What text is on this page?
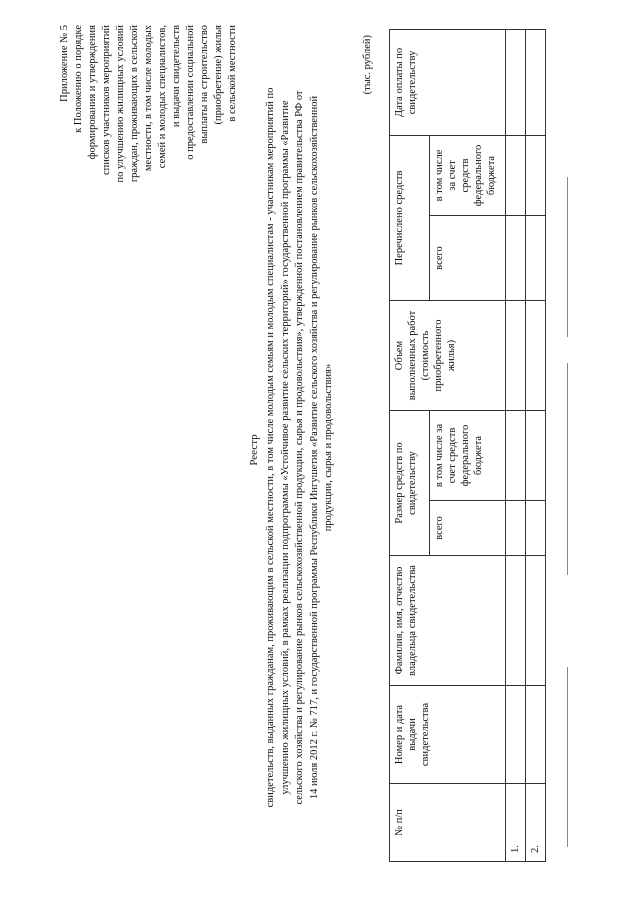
Приложение № 5 к Положению о порядке формирования и утверждения списков участников мероприятий по улучшению жилищных условий граждан, проживающих в сельской местности, в том числе молодых семей и молодых специалистов, и выдачи свидетельств о предоставлении социальной выплаты на строительство (приобретение) жилья в сельской местности
Реестр свидетельств, выданных гражданам, проживающим в сельской местности, в том числе молодым семьям и молодым специалистам - участникам мероприятий по улучшению жилищных условий, в рамках реализации подпрограммы «Устойчивое развитие сельских территорий» государственной программы «Развитие сельского хозяйства и регулирование рынков сельскохозяйственной продукции, сырья и продовольствия», утвержденной постановлением правительства РФ от 14 июля 2012 г. № 717, и государственной программы Республики Ингушетия «Развитие сельского хозяйства и регулирование рынков сельскохозяйственной продукции, сырья и продовольствия»
(тыс. рублей)
№ п/п	Номер и дата выдачи свидетельства	Фамилия, имя, отчество владельца свидетельства	Размер средств по свидетельству		Объем выполненных работ (стоимость приобретенного жилья)	Перечислено средств		Дата оплаты по свидетельству
			всего	в том числе за счет средств федерального бюджета		всего	в том числе за счет средств федерального бюджета	
1.								
2.								
